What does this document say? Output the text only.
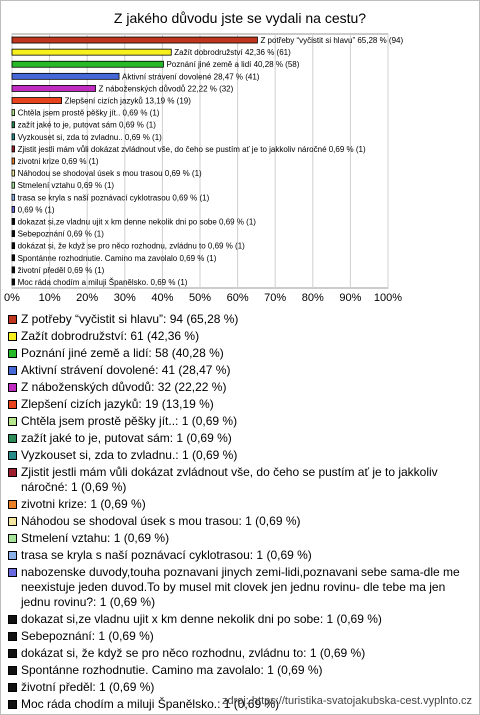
Z jakého důvodu jste se vydali na cestu?
0% 10% 20% 30% 40% 50% 60% 70% 80% 90% 100%
Z potřeby “vyčistit si hlavu” 65,28 % (94)
Zažít dobrodružství 42,36 % (61)
Poznání jiné země a lidí 40,28 % (58)
Aktivní strávení dovolené 28,47 % (41)
Z náboženských důvodů 22,22 % (32)
Zlepšení cizích jazyků 13,19 % (19)
Chtěla jsem prostě pěšky jít.. 0,69 % (1)
zažít jaké to je, putovat sám 0,69 % (1)
Vyzkouset si, zda to zvladnu.. 0,69 % (1)
Zjistit jestli mám vůli dokázat zvládnout vše, do čeho se pustím ať je to jakkoliv náročné 0,69 % (1)
zivotni krize 0,69 % (1)
Náhodou se shodoval úsek s mou trasou 0,69 % (1)
Stmelení vztahu 0,69 % (1)
trasa se kryla s naší poznávací cyklotrasou 0,69 % (1)
0,69 % (1)
dokazat si,ze vladnu ujit x km denne nekolik dni po sobe 0,69 % (1)
Sebepoznání 0,69 % (1)
dokázat si, že když se pro něco rozhodnu, zvládnu to 0,69 % (1)
Spontánne rozhodnutie. Camino ma zavolalo 0,69 % (1)
životní předěl 0,69 % (1)
Moc ráda chodím a miluji Španělsko. 0,69 % (1)
Z potřeby “vyčistit si hlavu”: 94 (65,28 %)
Zažít dobrodružství: 61 (42,36 %)
Poznání jiné země a lidí: 58 (40,28 %)
Aktivní strávení dovolené: 41 (28,47 %)
Z náboženských důvodů: 32 (22,22 %)
Zlepšení cizích jazyků: 19 (13,19 %)
Chtěla jsem prostě pěšky jít..: 1 (0,69 %)
zažít jaké to je, putovat sám: 1 (0,69 %)
Vyzkouset si, zda to zvladnu.: 1 (0,69 %)
Zjistit jestli mám vůli dokázat zvládnout vše, do čeho se pustím ať je to jakkoliv náročné: 1 (0,69 %)
zivotni krize: 1 (0,69 %)
Náhodou se shodoval úsek s mou trasou: 1 (0,69 %)
Stmelení vztahu: 1 (0,69 %)
trasa se kryla s naší poznávací cyklotrasou: 1 (0,69 %)
nabozenske duvody,touha poznavani jinych zemi-lidi,poznavani sebe sama-dle me neexistuje jeden duvod.To by musel mit clovek jen jednu rovinu- dle tebe ma jen jednu rovinu?: 1 (0,69 %)
dokazat si,ze vladnu ujit x km denne nekolik dni po sobe: 1 (0,69 %)
Sebepoznání: 1 (0,69 %)
dokázat si, že když se pro něco rozhodnu, zvládnu to: 1 (0,69 %)
Spontánne rozhodnutie. Camino ma zavolalo: 1 (0,69 %)
životní předěl: 1 (0,69 %)
Moc ráda chodím a miluji Španělsko.: 1 (0,69 %)
zdroj: https://turistika-svatojakubska-cest.vyplnto.cz
